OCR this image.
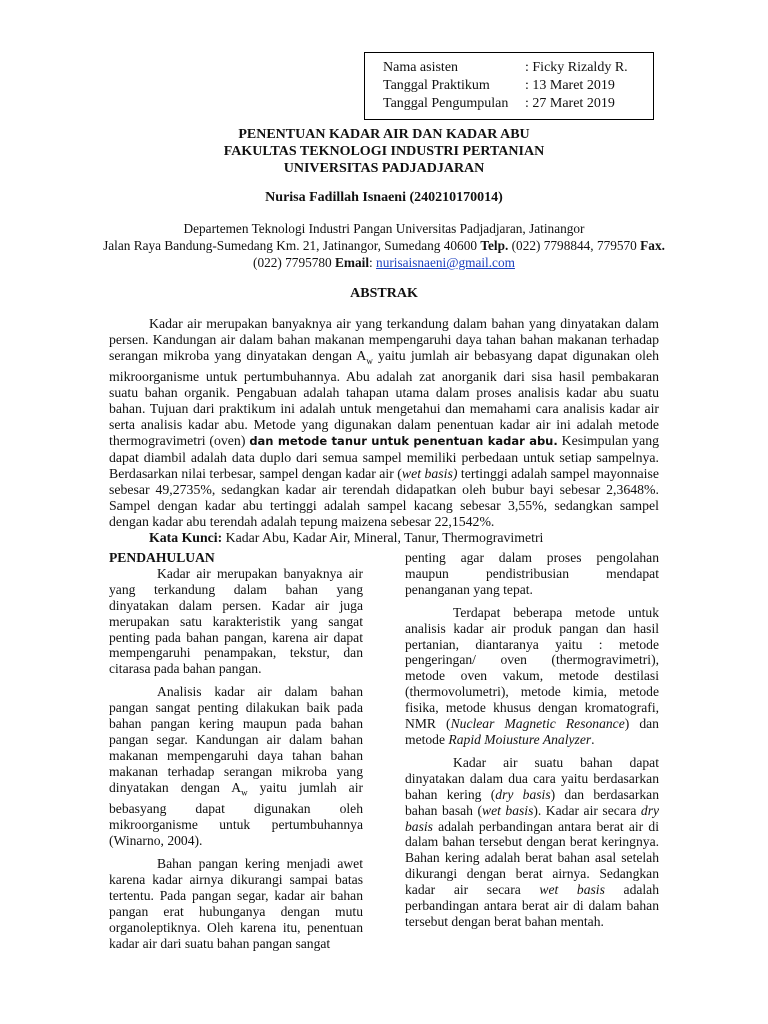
Nama asisten	: Ficky Rizaldy R.
Tanggal Praktikum	: 13 Maret 2019
Tanggal Pengumpulan	: 27 Maret 2019
PENENTUAN KADAR AIR DAN KADAR ABU
FAKULTAS TEKNOLOGI INDUSTRI PERTANIAN
UNIVERSITAS PADJADJARAN
Nurisa Fadillah Isnaeni (240210170014)
Departemen Teknologi Industri Pangan Universitas Padjadjaran, Jatinangor
Jalan Raya Bandung-Sumedang Km. 21, Jatinangor, Sumedang 40600 Telp. (022) 7798844, 779570 Fax. (022) 7795780 Email: nurisaisnaeni@gmail.com
ABSTRAK

Kadar air merupakan banyaknya air yang terkandung dalam bahan yang dinyatakan dalam persen. Kandungan air dalam bahan makanan mempengaruhi daya tahan bahan makanan terhadap serangan mikroba yang dinyatakan dengan $A_w$ yaitu jumlah air bebasyang dapat digunakan oleh mikroorganisme untuk pertumbuhannya. Abu adalah zat anorganik dari sisa hasil pembakaran suatu bahan organik. Pengabuan adalah tahapan utama dalam proses analisis kadar abu suatu bahan. Tujuan dari praktikum ini adalah untuk mengetahui dan memahami cara analisis kadar air serta analisis kadar abu. Metode yang digunakan dalam penentuan kadar air ini adalah metode thermogravimetri (oven) dan metode tanur untuk penentuan kadar abu. Kesimpulan yang dapat diambil adalah data duplo dari semua sampel memiliki perbedaan untuk setiap sampelnya. Berdasarkan nilai terbesar, sampel dengan kadar air (wet basis) tertinggi adalah sampel mayonnaise sebesar 49,2735%, sedangkan kadar air terendah didapatkan oleh bubur bayi sebesar 2,3648%. Sampel dengan kadar abu tertinggi adalah sampel kacang sebesar 3,55%, sedangkan sampel dengan kadar abu terendah adalah tepung maizena sebesar 22,1542%.

Kata Kunci: Kadar Abu, Kadar Air, Mineral, Tanur, Thermogravimetri

PENDAHULUAN

Kadar air merupakan banyaknya air yang terkandung dalam bahan yang dinyatakan dalam persen. Kadar air juga merupakan satu karakteristik yang sangat penting pada bahan pangan, karena air dapat mempengaruhi penampakan, tekstur, dan citarasa pada bahan pangan.

Analisis kadar air dalam bahan pangan sangat penting dilakukan baik pada bahan pangan kering maupun pada bahan pangan segar. Kandungan air dalam bahan makanan mempengaruhi daya tahan bahan makanan terhadap serangan mikroba yang dinyatakan dengan $A_w$ yaitu jumlah air bebasyang dapat digunakan oleh mikroorganisme untuk pertumbuhannya (Winarno, 2004).

Bahan pangan kering menjadi awet karena kadar airnya dikurangi sampai batas tertentu. Pada pangan segar, kadar air bahan pangan erat hubunganya dengan mutu organoleptiknya. Oleh karena itu, penentuan kadar air dari suatu bahan pangan sangat

penting agar dalam proses pengolahan maupun pendistribusian mendapat penanganan yang tepat.

Terdapat beberapa metode untuk analisis kadar air produk pangan dan hasil pertanian, diantaranya yaitu : metode pengeringan/ oven (thermogravimetri), metode oven vakum, metode destilasi (thermovolumetri), metode kimia, metode fisika, metode khusus dengan kromatografi, NMR (Nuclear Magnetic Resonance) dan metode Rapid Moiusture Analyzer.

Kadar air suatu bahan dapat dinyatakan dalam dua cara yaitu berdasarkan bahan kering (dry basis) dan berdasarkan bahan basah (wet basis). Kadar air secara dry basis adalah perbandingan antara berat air di dalam bahan tersebut dengan berat keringnya. Bahan kering adalah berat bahan asal setelah dikurangi dengan berat airnya. Sedangkan kadar air secara wet basis adalah perbandingan antara berat air di dalam bahan tersebut dengan berat bahan mentah.
